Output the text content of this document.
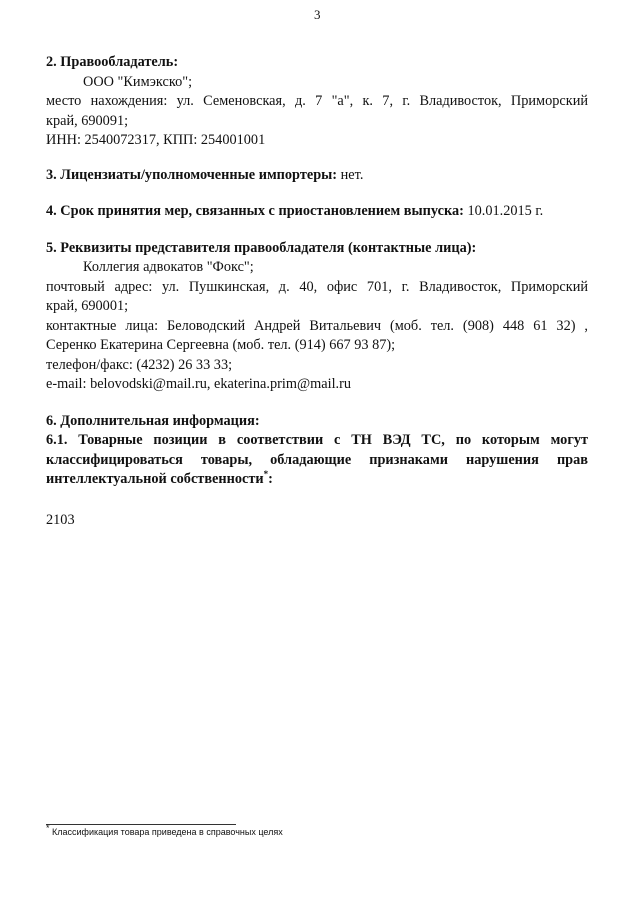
3

2. Правообладатель:

ООО "Кимэкско";

место нахождения: ул. Семеновская, д. 7 "а", к. 7, г. Владивосток, Приморский

край, 690091;

ИНН: 2540072317, КПП: 254001001

3. Лицензиаты/уполномоченные импортеры: нет.

4. Срок принятия мер, связанных с приостановлением выпуска: 10.01.2015 г.

5. Реквизиты представителя правообладателя (контактные лица):

Коллегия адвокатов "Фокс";

почтовый адрес: ул. Пушкинская, д. 40, офис 701, г. Владивосток, Приморский

край, 690001;

контактные лица: Беловодский Андрей Витальевич (моб. тел. (908) 448 61 32) ,

Серенко Екатерина Сергеевна (моб. тел. (914) 667 93 87);

телефон/факс: (4232) 26 33 33;

e-mail: belovodski@mail.ru, ekaterina.prim@mail.ru

6. Дополнительная информация:

6.1. Товарные позиции в соответствии с ТН ВЭД ТС, по которым могут

классифицироваться товары, обладающие признаками нарушения прав

интеллектуальной собственности*:

2103

* Классификация товара приведена в справочных целях
